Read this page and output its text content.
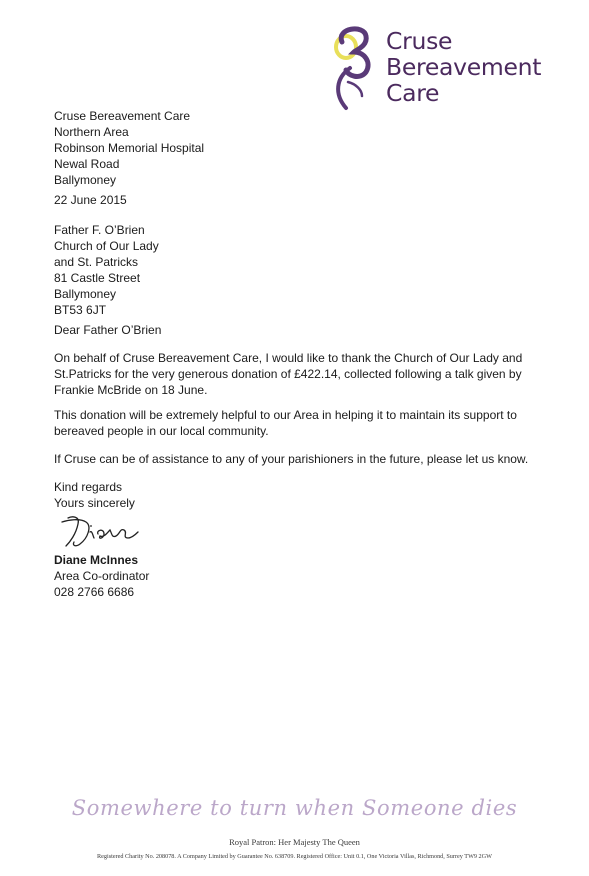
Cruse
Bereavement
Care
Cruse Bereavement Care
Northern Area
Robinson Memorial Hospital
Newal Road
Ballymoney
22 June 2015
Father F. O’Brien
Church of Our Lady
and St. Patricks
81 Castle Street
Ballymoney
BT53 6JT
Dear Father O’Brien
On behalf of Cruse Bereavement Care, I would like to thank the Church of Our Lady and
St.Patricks for the very generous donation of £422.14, collected following a talk given by
Frankie McBride on 18 June.
This donation will be extremely helpful to our Area in helping it to maintain its support to
bereaved people in our local community.
If Cruse can be of assistance to any of your parishioners in the future, please let us know.
Kind regards
Yours sincerely
Diane McInnes
Area Co-ordinator
028 2766 6686
Somewhere to turn when Someone dies
Royal Patron: Her Majesty The Queen
Registered Charity No. 208078. A Company Limited by Guarantee No. 638709. Registered Office: Unit 0.1, One Victoria Villas, Richmond, Surrey TW9 2GW
